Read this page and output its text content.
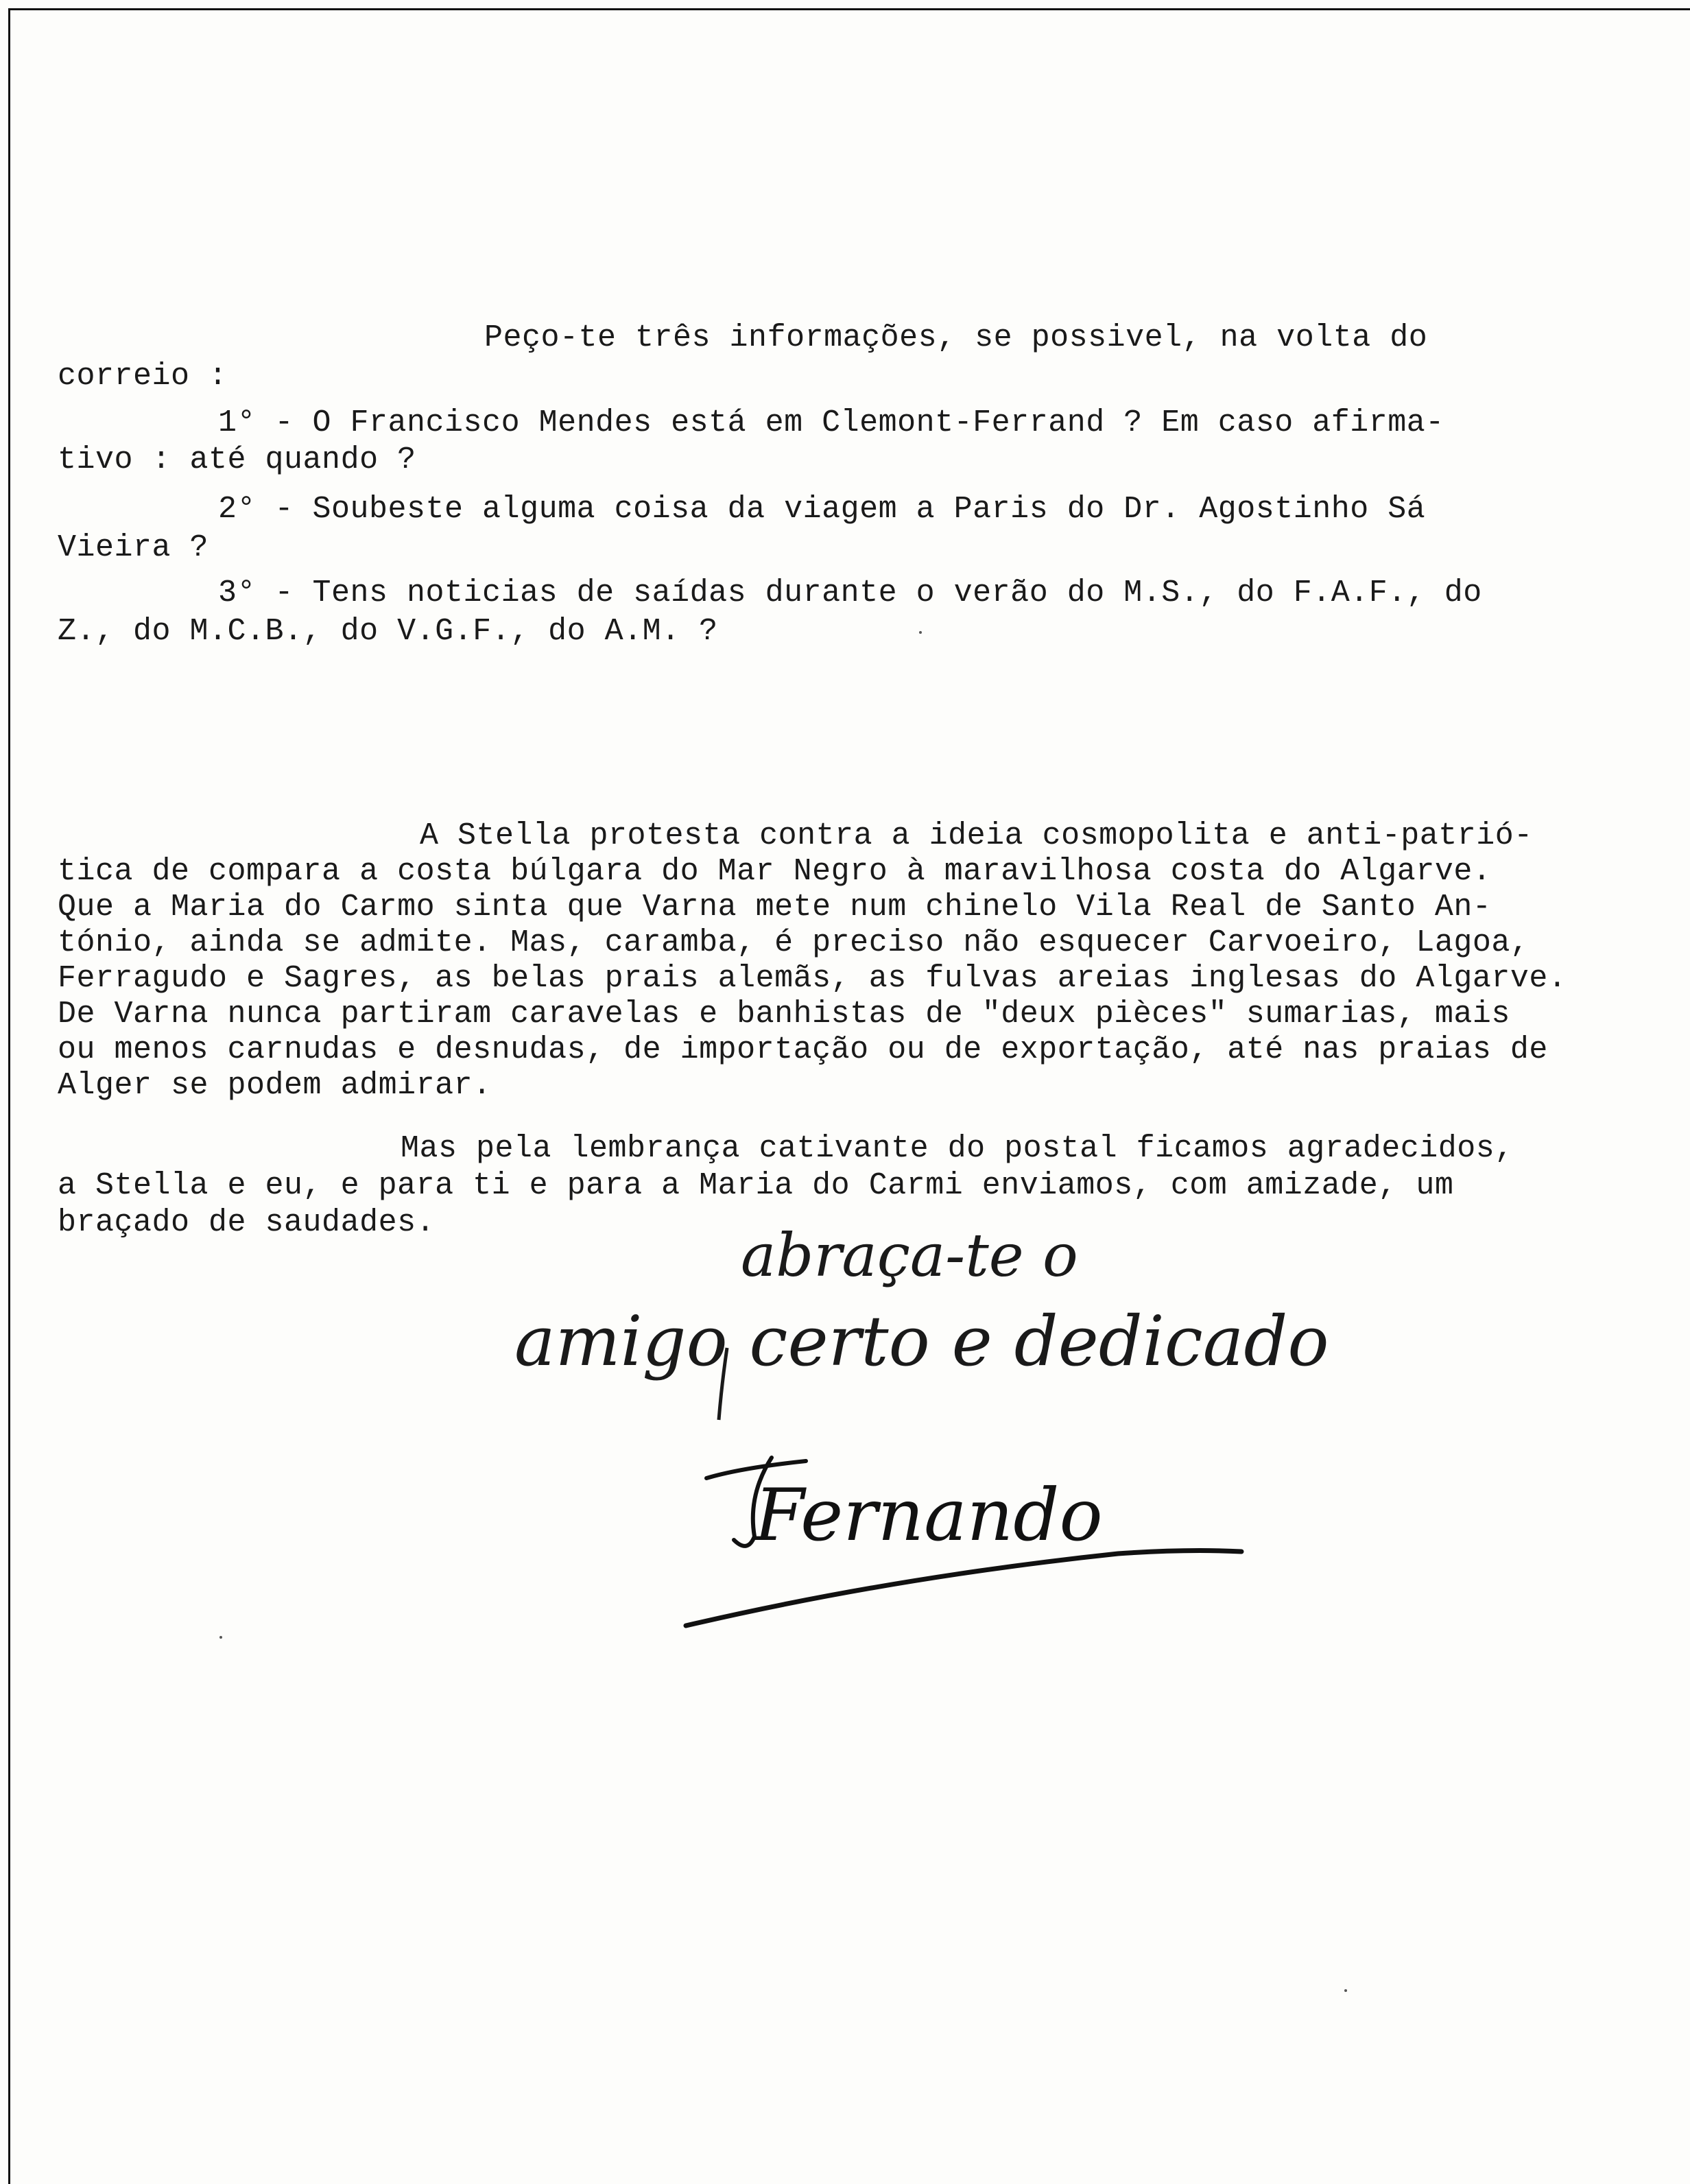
Peço-te três informações, se possivel, na volta do
correio :
1° - O Francisco Mendes está em Clemont-Ferrand ? Em caso afirma-
tivo : até quando ?
2° - Soubeste alguma coisa da viagem a Paris do Dr. Agostinho Sá
Vieira ?
3° - Tens noticias de saídas durante o verão do M.S., do F.A.F., do
Z., do M.C.B., do V.G.F., do A.M. ?
A Stella protesta contra a ideia cosmopolita e anti-patrió-
tica de compara a costa búlgara do Mar Negro à maravilhosa costa do Algarve.
Que a Maria do Carmo sinta que Varna mete num chinelo Vila Real de Santo An-
tónio, ainda se admite. Mas, caramba, é preciso não esquecer Carvoeiro, Lagoa,
Ferragudo e Sagres, as belas prais alemãs, as fulvas areias inglesas do Algarve.
De Varna nunca partiram caravelas e banhistas de "deux pièces" sumarias, mais
ou menos carnudas e desnudas, de importação ou de exportação, até nas praias de
Alger se podem admirar.
Mas pela lembrança cativante do postal ficamos agradecidos,
a Stella e eu, e para ti e para a Maria do Carmi enviamos, com amizade, um
braçado de saudades.	abraça-te o
amigo certo e dedicado
Fernando
